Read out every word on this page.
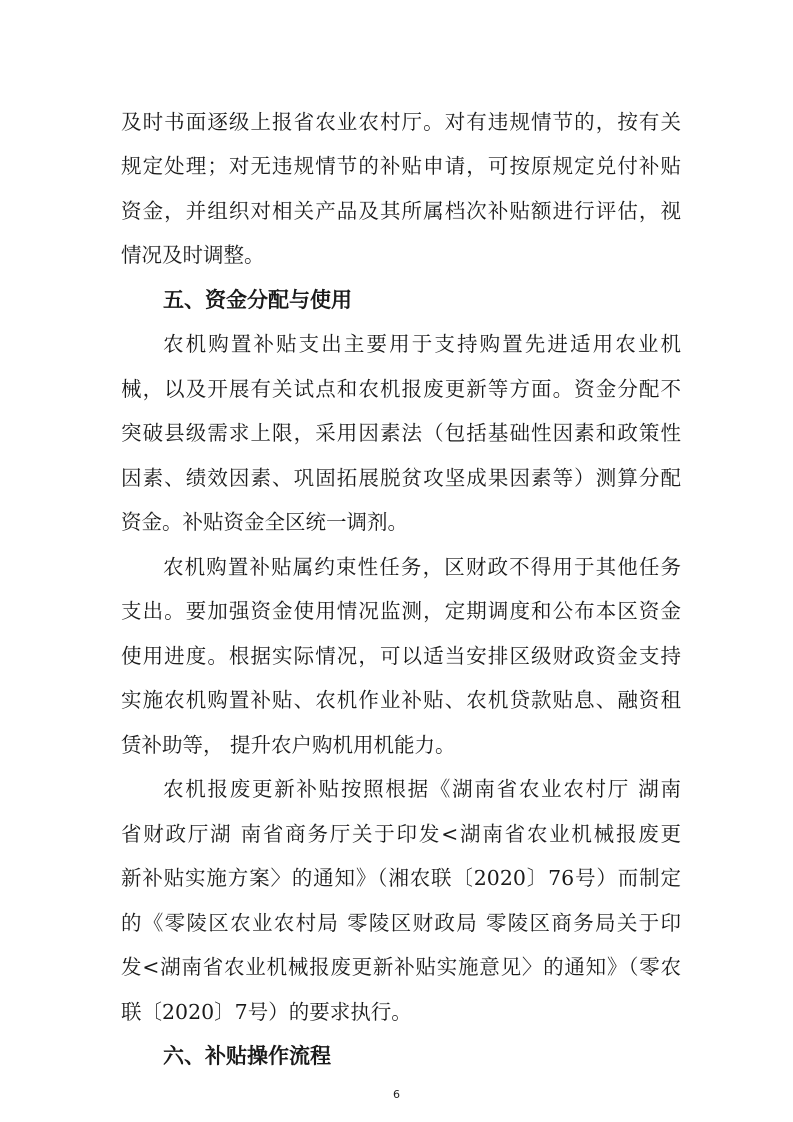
及时书面逐级上报省农业农村厅。对有违规情节的，按有关
规定处理；对无违规情节的补贴申请，可按原规定兑付补贴
资金，并组织对相关产品及其所属档次补贴额进行评估，视
情况及时调整。
五、资金分配与使用
农机购置补贴支出主要用于支持购置先进适用农业机
械，以及开展有关试点和农机报废更新等方面。资金分配不
突破县级需求上限，采用因素法（包括基础性因素和政策性
因素、绩效因素、巩固拓展脱贫攻坚成果因素等）测算分配
资金。补贴资金全区统一调剂。
农机购置补贴属约束性任务，区财政不得用于其他任务
支出。要加强资金使用情况监测，定期调度和公布本区资金
使用进度。根据实际情况，可以适当安排区级财政资金支持
实施农机购置补贴、农机作业补贴、农机贷款贴息、融资租
赁补助等， 提升农户购机用机能力。
农机报废更新补贴按照根据《湖南省农业农村厅 湖南
省财政厅湖 南省商务厅关于印发<湖南省农业机械报废更
新补贴实施方案〉的通知》（湘农联〔2020〕76号）而制定
的《零陵区农业农村局 零陵区财政局 零陵区商务局关于印
发<湖南省农业机械报废更新补贴实施意见〉的通知》（零农
联〔2020〕7号）的要求执行。
六、补贴操作流程
6
